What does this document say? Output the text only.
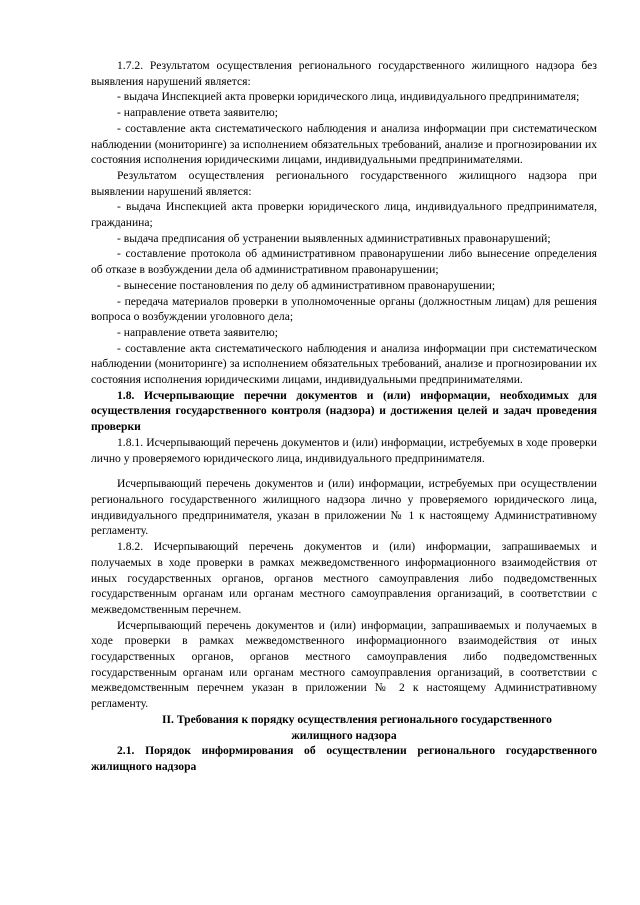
1.7.2. Результатом осуществления регионального государственного жилищного надзора без выявления нарушений является:

- выдача Инспекцией акта проверки юридического лица, индивидуального предпринимателя;

- направление ответа заявителю;

- составление акта систематического наблюдения и анализа информации при систематическом наблюдении (мониторинге) за исполнением обязательных требований, анализе и прогнозировании их состояния исполнения юридическими лицами, индивидуальными предпринимателями.

Результатом осуществления регионального государственного жилищного надзора при выявлении нарушений является:

- выдача Инспекцией акта проверки юридического лица, индивидуального предпринимателя, гражданина;

- выдача предписания об устранении выявленных административных правонарушений;

- составление протокола об административном правонарушении либо вынесение определения об отказе в возбуждении дела об административном правонарушении;

- вынесение постановления по делу об административном правонарушении;

- передача материалов проверки в уполномоченные органы (должностным лицам) для решения вопроса о возбуждении уголовного дела;

- направление ответа заявителю;

- составление акта систематического наблюдения и анализа информации при систематическом наблюдении (мониторинге) за исполнением обязательных требований, анализе и прогнозировании их состояния исполнения юридическими лицами, индивидуальными предпринимателями.

1.8. Исчерпывающие перечни документов и (или) информации, необходимых для осуществления государственного контроля (надзора) и достижения целей и задач проведения проверки

1.8.1. Исчерпывающий перечень документов и (или) информации, истребуемых в ходе проверки лично у проверяемого юридического лица, индивидуального предпринимателя.

Исчерпывающий перечень документов и (или) информации, истребуемых при осуществлении регионального государственного жилищного надзора лично у проверяемого юридического лица, индивидуального предпринимателя, указан в приложении № 1 к настоящему Административному регламенту.

1.8.2. Исчерпывающий перечень документов и (или) информации, запрашиваемых и получаемых в ходе проверки в рамках межведомственного информационного взаимодействия от иных государственных органов, органов местного самоуправления либо подведомственных государственным органам или органам местного самоуправления организаций, в соответствии с межведомственным перечнем.

Исчерпывающий перечень документов и (или) информации, запрашиваемых и получаемых в ходе проверки в рамках межведомственного информационного взаимодействия от иных государственных органов, органов местного самоуправления либо подведомственных государственным органам или органам местного самоуправления организаций, в соответствии с межведомственным перечнем указан в приложении № 2 к настоящему Административному регламенту.

II. Требования к порядку осуществления регионального государственного жилищного надзора

2.1. Порядок информирования об осуществлении регионального государственного жилищного надзора
